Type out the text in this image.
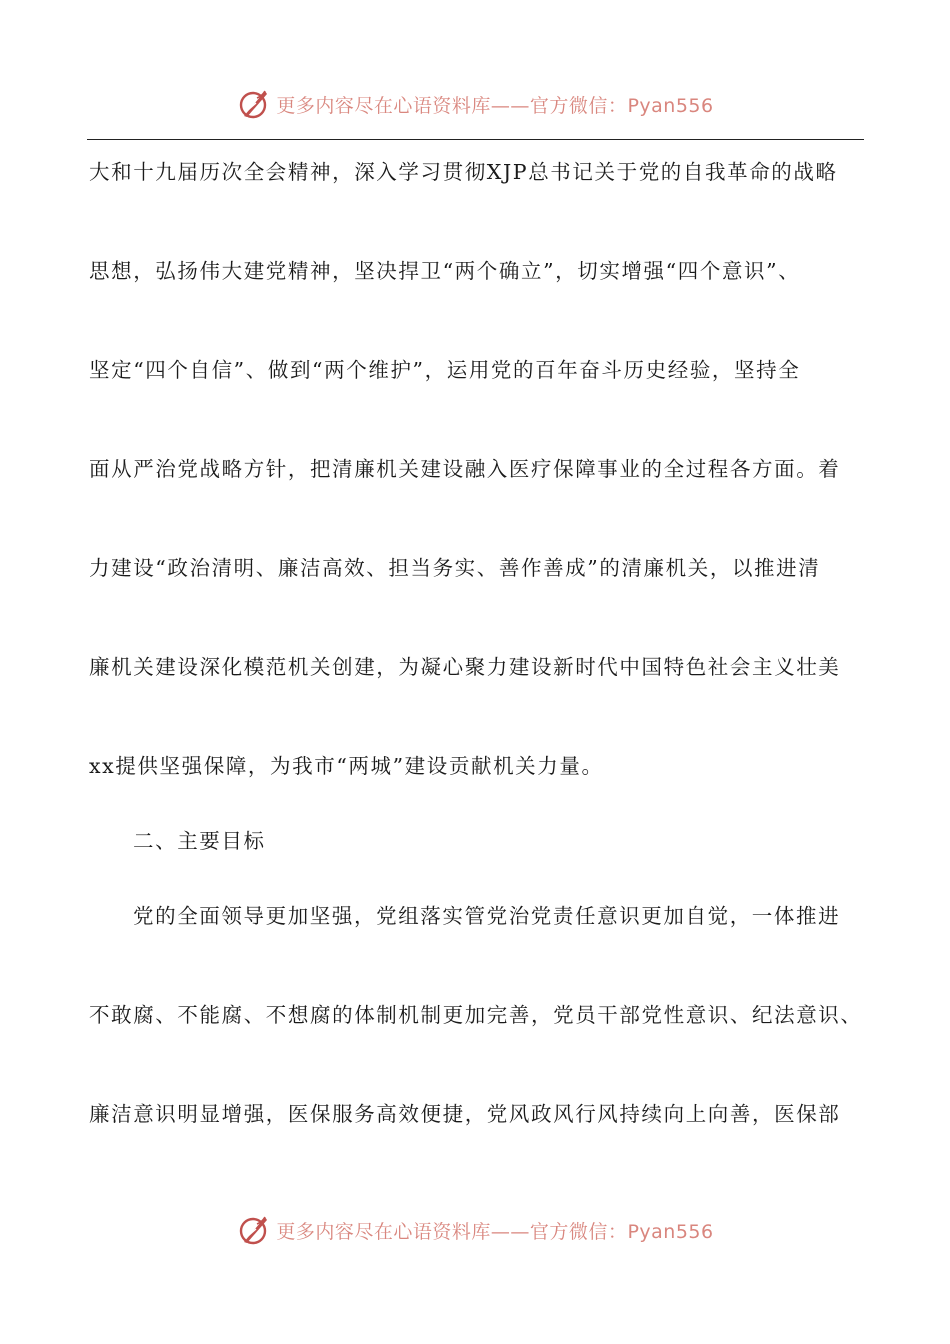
更多内容尽在心语资料库——官方微信：Pyan556

大和十九届历次全会精神，深入学习贯彻XJP总书记关于党的自我革命的战略

思想，弘扬伟大建党精神，坚决捍卫“两个确立”，切实增强“四个意识”、

坚定“四个自信”、做到“两个维护”，运用党的百年奋斗历史经验，坚持全

面从严治党战略方针，把清廉机关建设融入医疗保障事业的全过程各方面。着

力建设“政治清明、廉洁高效、担当务实、善作善成”的清廉机关，以推进清

廉机关建设深化模范机关创建，为凝心聚力建设新时代中国特色社会主义壮美

xx提供坚强保障，为我市“两城”建设贡献机关力量。

二、主要目标

党的全面领导更加坚强，党组落实管党治党责任意识更加自觉，一体推进

不敢腐、不能腐、不想腐的体制机制更加完善，党员干部党性意识、纪法意识、

廉洁意识明显增强，医保服务高效便捷，党风政风行风持续向上向善，医保部

更多内容尽在心语资料库——官方微信：Pyan556
